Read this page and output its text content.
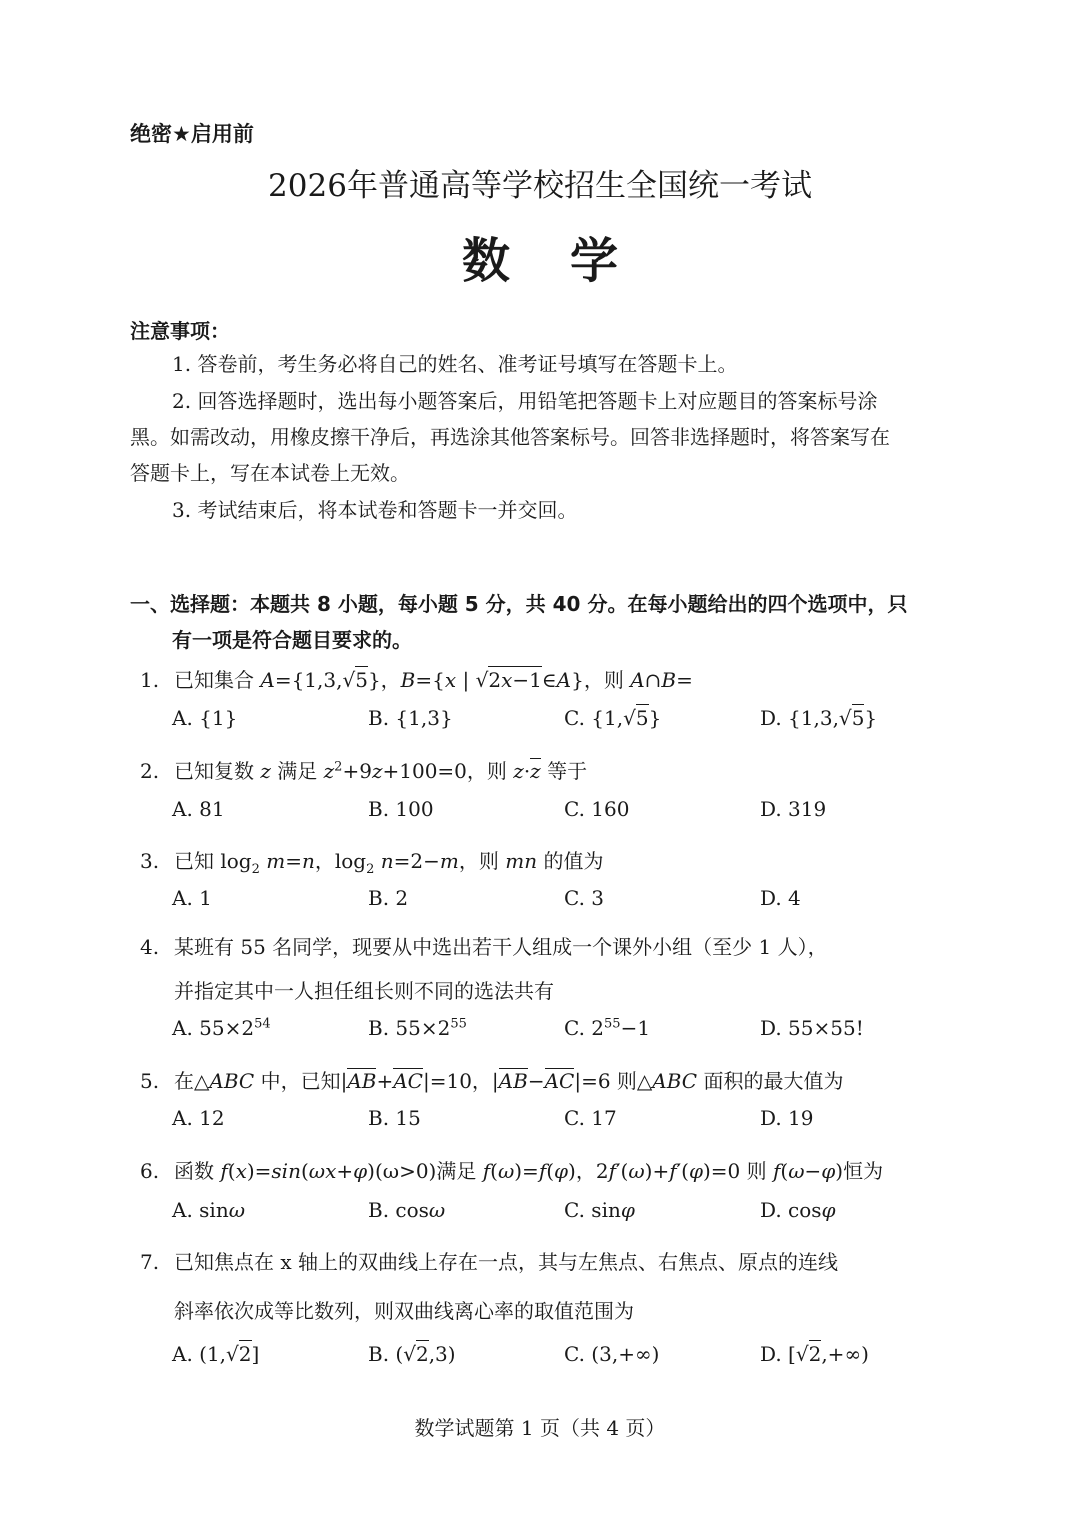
绝密★启用前
2026年普通高等学校招生全国统一考试
数学
注意事项：
1. 答卷前，考生务必将自己的姓名、准考证号填写在答题卡上。
2. 回答选择题时，选出每小题答案后，用铅笔把答题卡上对应题目的答案标号涂
黑。如需改动，用橡皮擦干净后，再选涂其他答案标号。回答非选择题时，将答案写在
答题卡上，写在本试卷上无效。
3. 考试结束后，将本试卷和答题卡一并交回。
一、选择题：本题共 8 小题，每小题 5 分，共 40 分。在每小题给出的四个选项中，只
有一项是符合题目要求的。
1. 已知集合 A={1,3,√5}，B={x | √2x−1∈A}，则 A∩B=
A. {1}	B. {1,3}	C. {1,√5}	D. {1,3,√5}
2. 已知复数 z 满足 $z^2+9z+100=0$，则 z·z 等于
A. 81	B. 100	C. 160	D. 319
3. 已知 $\log_2 m=n$，$\log_2 n=2-m$，则 mn 的值为
A. 1	B. 2	C. 3	D. 4
4. 某班有 55 名同学，现要从中选出若干人组成一个课外小组（至少 1 人），
并指定其中一人担任组长则不同的选法共有
A. $55\times 2^{54}$	B. $55\times 2^{55}$	C. $2^{55}-1$	D. 55×55!
5. 在△ABC 中，已知|AB+AC|=10，|AB−AC|=6 则△ABC 面积的最大值为
A. 12	B. 15	C. 17	D. 19
6. 函数 f(x)=sin(ωx+φ)(ω>0)满足 f(ω)=f(φ)，2f′(ω)+f′(φ)=0 则 f(ω−φ)恒为
A. sinω	B. cosω	C. sinφ	D. cosφ
7. 已知焦点在 x 轴上的双曲线上存在一点，其与左焦点、右焦点、原点的连线
斜率依次成等比数列，则双曲线离心率的取值范围为
A. (1,√2]	B. (√2,3)	C. (3,+∞)	D. [√2,+∞)
数学试题第 1 页（共 4 页）
